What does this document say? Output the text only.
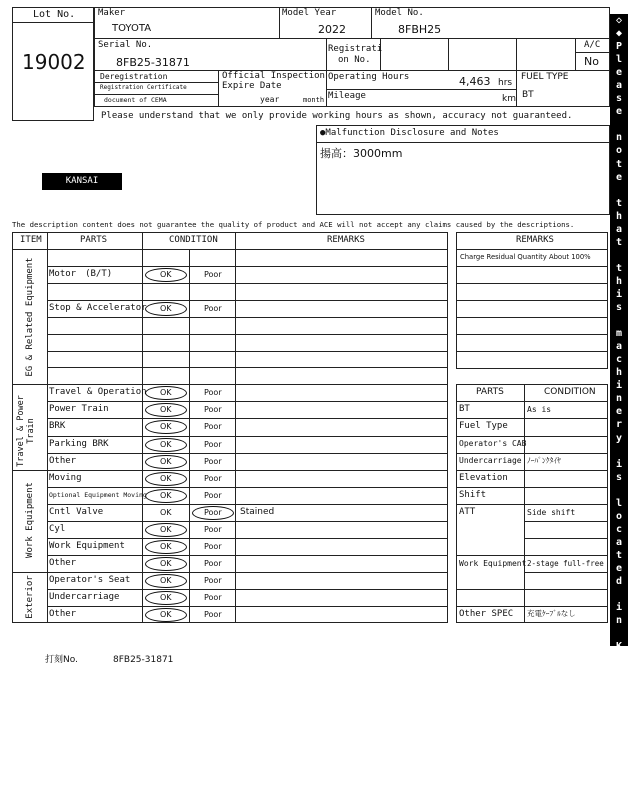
Lot No.
19002
Maker
TOYOTA
Model Year
2022
Model No.
8FBH25
Serial No.
8FB25-31871
Registrati
on No.
A/C
No
Deregistration
Registration Certificate
document of CEMA
Official Inspection
Expire Date
year	month
Operating Hours	4,463 hrs
Mileage	km
FUEL TYPE
BT
Please understand that we only provide working hours as shown, accuracy not guaranteed.
●Malfunction Disclosure and Notes
揚高：3000mm
KANSAI
The description content does not guarantee the quality of product and ACE will not accept any claims caused by the descriptions.
ITEM	PARTS	CONDITION	REMARKS
EG & Related Equipment
Travel & Power Train
Work Equipment
Exterior
Motor　(B/T)	OK	Poor
Stop & Accelerator OK	Poor
Travel & Operation OK	Poor
Power Train	OK	Poor
BRK	OK	Poor
Parking BRK	OK	Poor
Other	OK	Poor
Moving	OK	Poor
Optional Equipment Moving OK	Poor
Cntl Valve	OK	Poor Stained
Cyl	OK	Poor
Work Equipment	OK	Poor
Other	OK	Poor
Operator's Seat	OK	Poor
Undercarriage	OK	Poor
Other	OK	Poor
REMARKS
Charge Residual Quantity About 100%
PARTS	CONDITION
BT	As is
Fuel Type
Operator's CAB
Undercarriage ﾉｰﾊﾟﾝｸﾀｲﾔ
Elevation
Shift
ATT	Side shift
Work Equipment 2-stage full-free
Other SPEC 充電ｹｰﾌﾞﾙなし
◇
◆
P
l
e
a
s
e

n
o
t
e

t
h
a
t

t
h
i
s

m
a
c
h
i
n
e
r
y

i
s

l
o
c
a
t
e
d

i
n

K
a
n
s
a
i

Y
a
r
d
◆
◇
打刻No.	8FB25-31871
